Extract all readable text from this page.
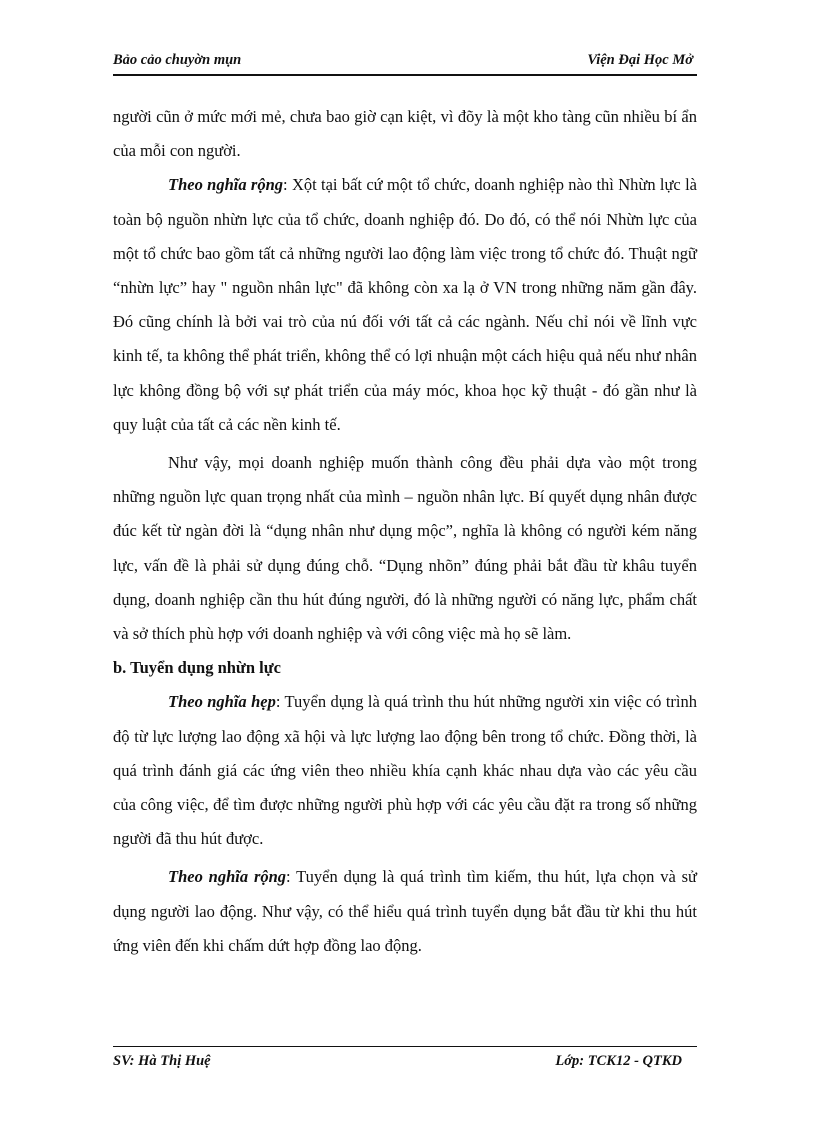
Bảo cảo chuyờn mụn	Viện Đại Học Mở

người cũn ở mức mới mẻ, chưa bao giờ cạn kiệt, vì đõy là một kho tàng cũn nhiều bí ẩn của mỗi con người.

Theo nghĩa rộng: Xột tại bất cứ một tổ chức, doanh nghiệp nào thì Nhừn lực là toàn bộ nguồn nhừn lực của tổ chức, doanh nghiệp đó. Do đó, có thể nói Nhừn lực của một tổ chức bao gồm tất cả những người lao động làm việc trong tổ chức đó. Thuật ngữ “nhừn lực” hay " nguồn nhân lực" đã không còn xa lạ ở VN trong những năm gần đây. Đó cũng chính là bởi vai trò của nú đối với tất cả các ngành. Nếu chỉ nói về lĩnh vực kinh tế, ta không thể phát triển, không thể có lợi nhuận một cách hiệu quả nếu như nhân lực không đồng bộ với sự phát triển của máy móc, khoa học kỹ thuật - đó gần như là quy luật của tất cả các nền kinh tế.

Như vậy, mọi doanh nghiệp muốn thành công đều phải dựa vào một trong những nguồn lực quan trọng nhất của mình – nguồn nhân lực. Bí quyết dụng nhân được đúc kết từ ngàn đời là “dụng nhân như dụng mộc”, nghĩa là không có người kém năng lực, vấn đề là phải sử dụng đúng chỗ. “Dụng nhõn” đúng phải bắt đầu từ khâu tuyển dụng, doanh nghiệp cần thu hút đúng người, đó là những người có năng lực, phẩm chất và sở thích phù hợp với doanh nghiệp và với công việc mà họ sẽ làm.

b. Tuyển dụng nhừn lực

Theo nghĩa hẹp: Tuyển dụng là quá trình thu hút những người xin việc có trình độ từ lực lượng lao động xã hội và lực lượng lao động bên trong tổ chức. Đồng thời, là quá trình đánh giá các ứng viên theo nhiều khía cạnh khác nhau dựa vào các yêu cầu của công việc, để tìm được những người phù hợp với các yêu cầu đặt ra trong số những người đã thu hút được.

Theo nghĩa rộng: Tuyển dụng là quá trình tìm kiếm, thu hút, lựa chọn và sử dụng người lao động. Như vậy, có thể hiểu quá trình tuyển dụng bắt đầu từ khi thu hút ứng viên đến khi chấm dứt hợp đồng lao động.

SV: Hà Thị Huệ	Lớp: TCK12 - QTKD
